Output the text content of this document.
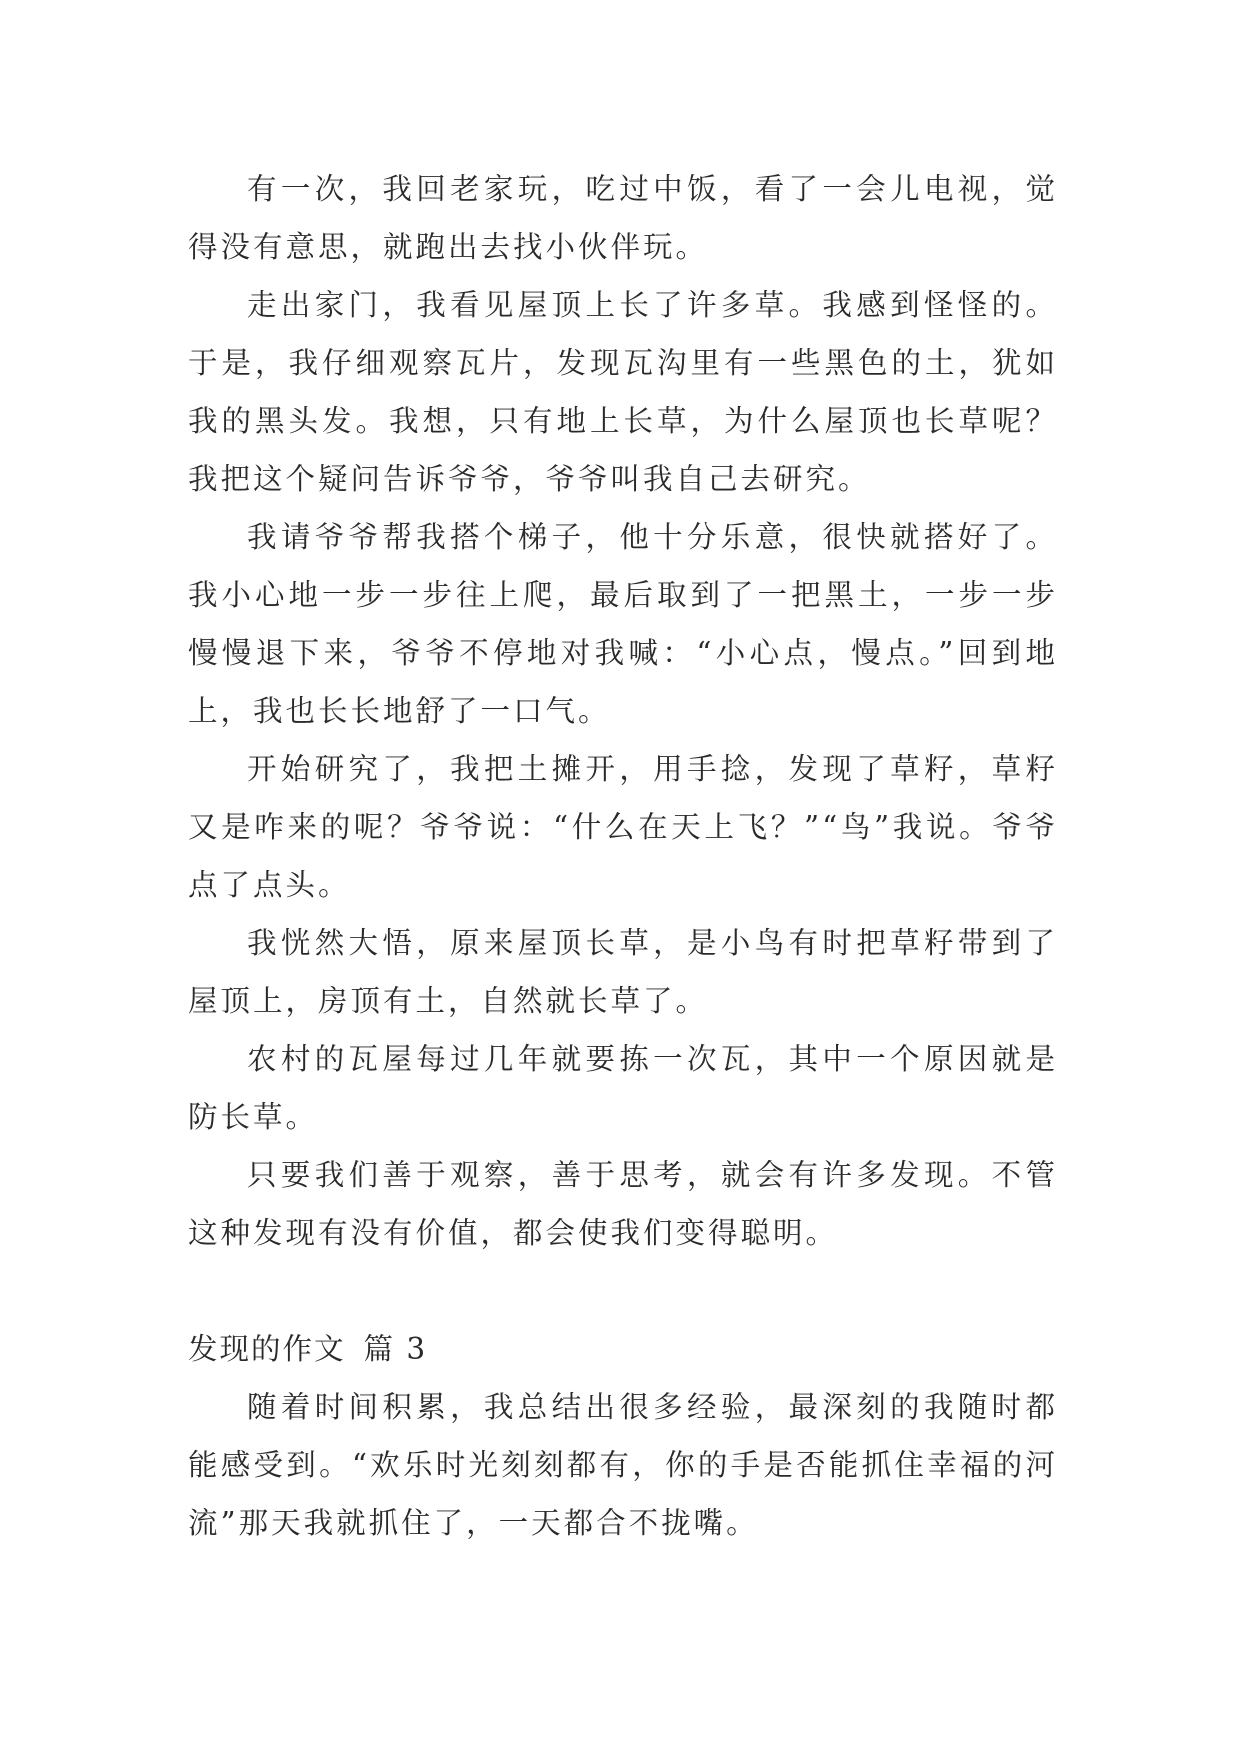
有一次，我回老家玩，吃过中饭，看了一会儿电视，觉得没有意思，就跑出去找小伙伴玩。

走出家门，我看见屋顶上长了许多草。我感到怪怪的。于是，我仔细观察瓦片，发现瓦沟里有一些黑色的土，犹如我的黑头发。我想，只有地上长草，为什么屋顶也长草呢？我把这个疑问告诉爷爷，爷爷叫我自己去研究。

我请爷爷帮我搭个梯子，他十分乐意，很快就搭好了。我小心地一步一步往上爬，最后取到了一把黑土，一步一步慢慢退下来，爷爷不停地对我喊：“小心点，慢点。”回到地上，我也长长地舒了一口气。

开始研究了，我把土摊开，用手捻，发现了草籽，草籽又是咋来的呢？爷爷说：“什么在天上飞？”“鸟”我说。爷爷点了点头。

我恍然大悟，原来屋顶长草，是小鸟有时把草籽带到了屋顶上，房顶有土，自然就长草了。

农村的瓦屋每过几年就要拣一次瓦，其中一个原因就是防长草。

只要我们善于观察，善于思考，就会有许多发现。不管这种发现有没有价值，都会使我们变得聪明。

发现的作文 篇 3

随着时间积累，我总结出很多经验，最深刻的我随时都能感受到。“欢乐时光刻刻都有，你的手是否能抓住幸福的河流”那天我就抓住了，一天都合不拢嘴。
